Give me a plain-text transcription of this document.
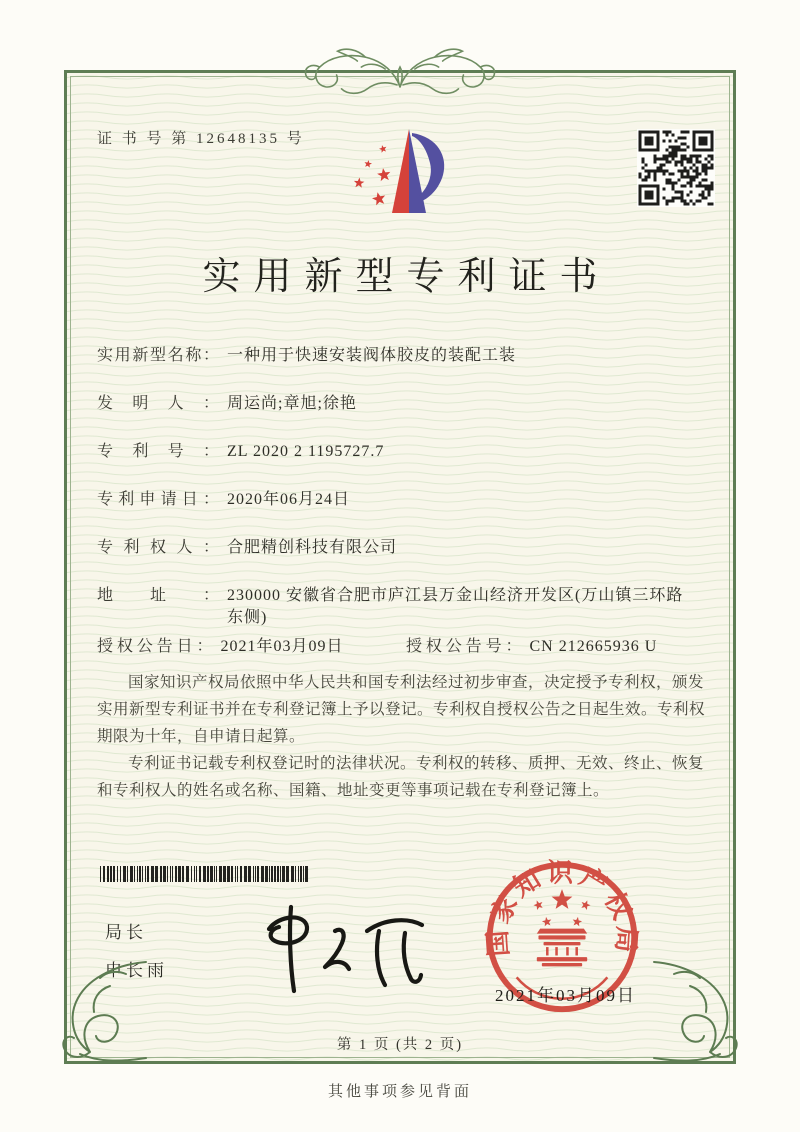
证 书 号 第 12648135 号
实用新型专利证书
实用新型名称： 一种用于快速安装阀体胶皮的装配工装
发明人： 周运尚;章旭;徐艳
专利号： ZL 2020 2 1195727.7
专利申请日： 2020年06月24日
专利权人： 合肥精创科技有限公司
地址： 230000 安徽省合肥市庐江县万金山经济开发区(万山镇三环路东侧)
授权公告日： 2021年03月09日	授权公告号： CN 212665936 U

国家知识产权局依照中华人民共和国专利法经过初步审查，决定授予专利权，颁发实用新型专利证书并在专利登记簿上予以登记。专利权自授权公告之日起生效。专利权期限为十年，自申请日起算。

专利证书记载专利权登记时的法律状况。专利权的转移、质押、无效、终止、恢复和专利权人的姓名或名称、国籍、地址变更等事项记载在专利登记簿上。

局长
申长雨
国家知识产权局
2021年03月09日
第 1 页 (共 2 页)
其他事项参见背面
